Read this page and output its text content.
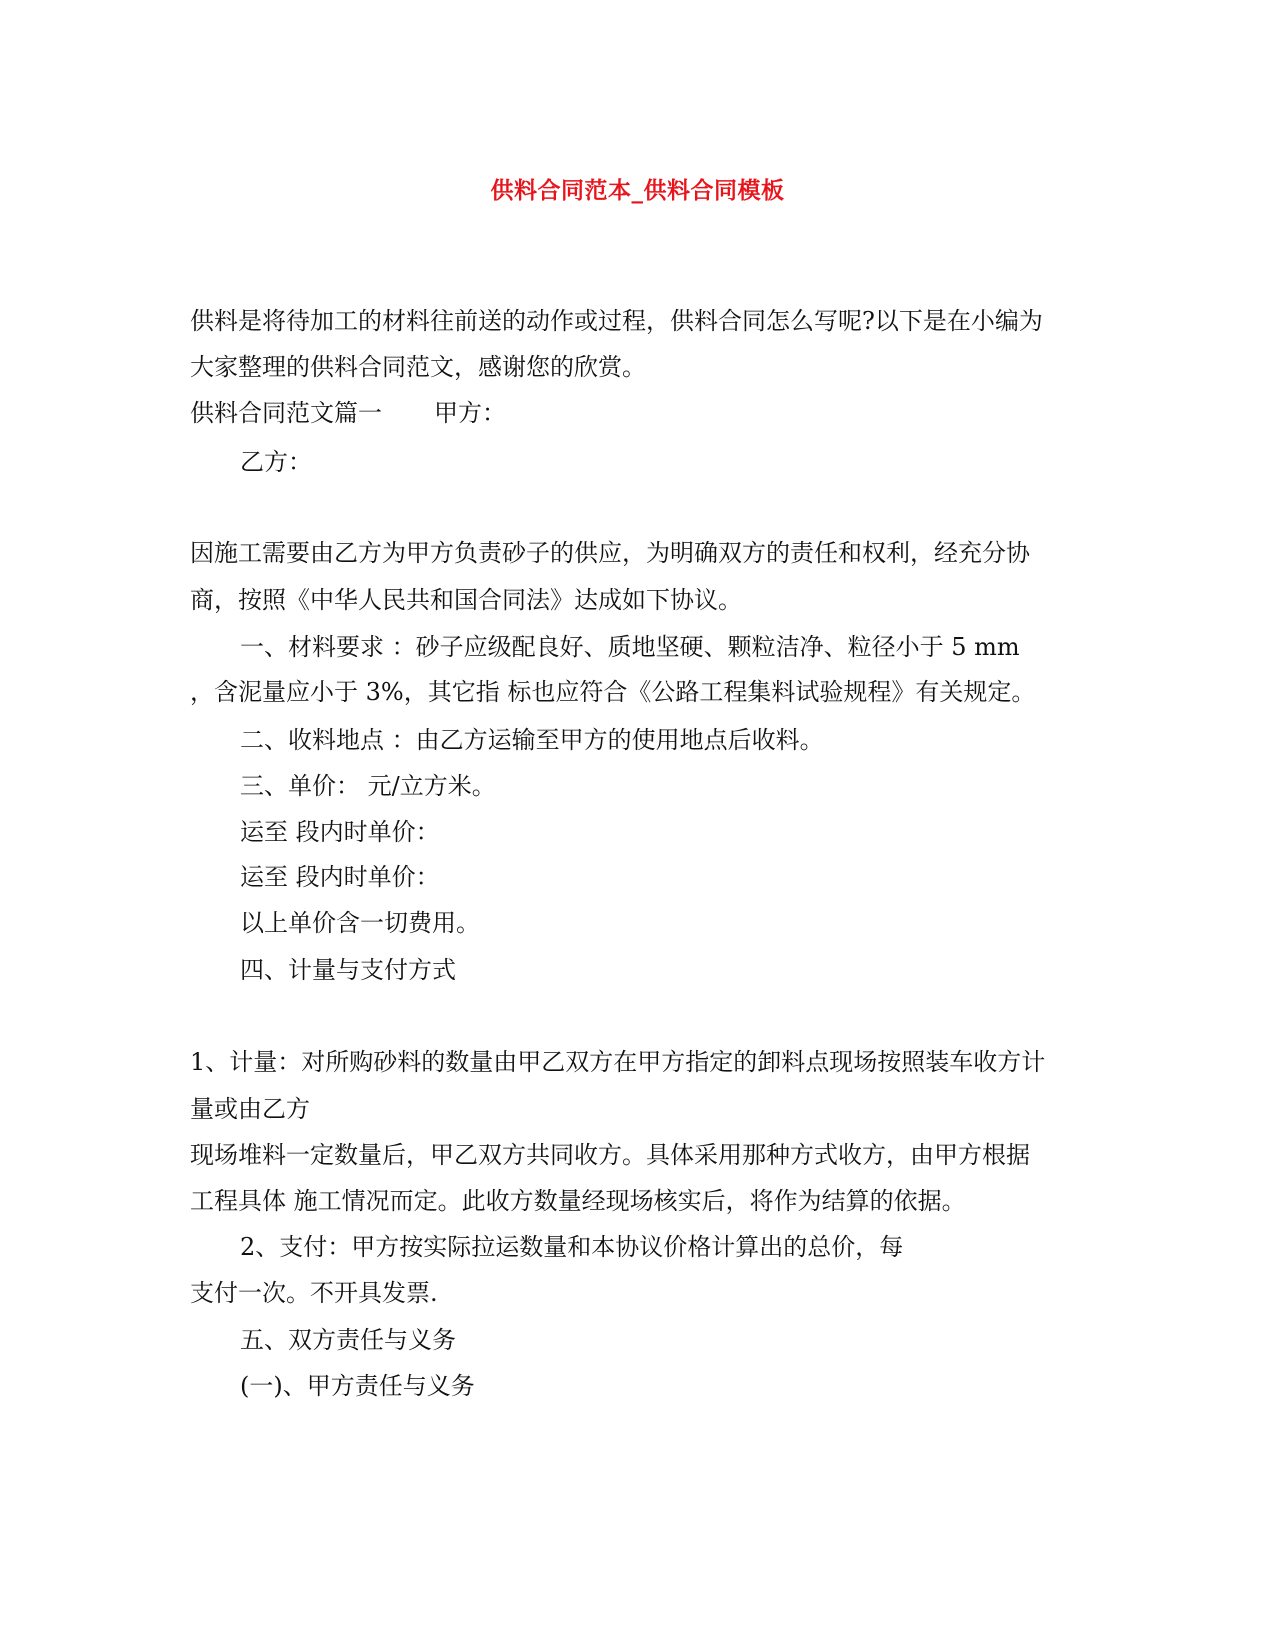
供料合同范本_供料合同模板
供料是将待加工的材料往前送的动作或过程，供料合同怎么写呢?以下是在小编为
大家整理的供料合同范文，感谢您的欣赏。
供料合同范文篇一 甲方：
乙方：
因施工需要由乙方为甲方负责砂子的供应，为明确双方的责任和权利，经充分协
商，按照《中华人民共和国合同法》达成如下协议。
一、材料要求 ：砂子应级配良好、质地坚硬、颗粒洁净、粒径小于 5 mm
，含泥量应小于 3%，其它指 标也应符合《公路工程集料试验规程》有关规定。
二、收料地点 ：由乙方运输至甲方的使用地点后收料。
三、单价： 元/立方米。
运至 段内时单价：
运至 段内时单价：
以上单价含一切费用。
四、计量与支付方式
1、计量：对所购砂料的数量由甲乙双方在甲方指定的卸料点现场按照装车收方计
量或由乙方
现场堆料一定数量后，甲乙双方共同收方。具体采用那种方式收方，由甲方根据
工程具体 施工情况而定。此收方数量经现场核实后，将作为结算的依据。
2、支付：甲方按实际拉运数量和本协议价格计算出的总价，每
支付一次。不开具发票.
五、双方责任与义务
(一)、甲方责任与义务
